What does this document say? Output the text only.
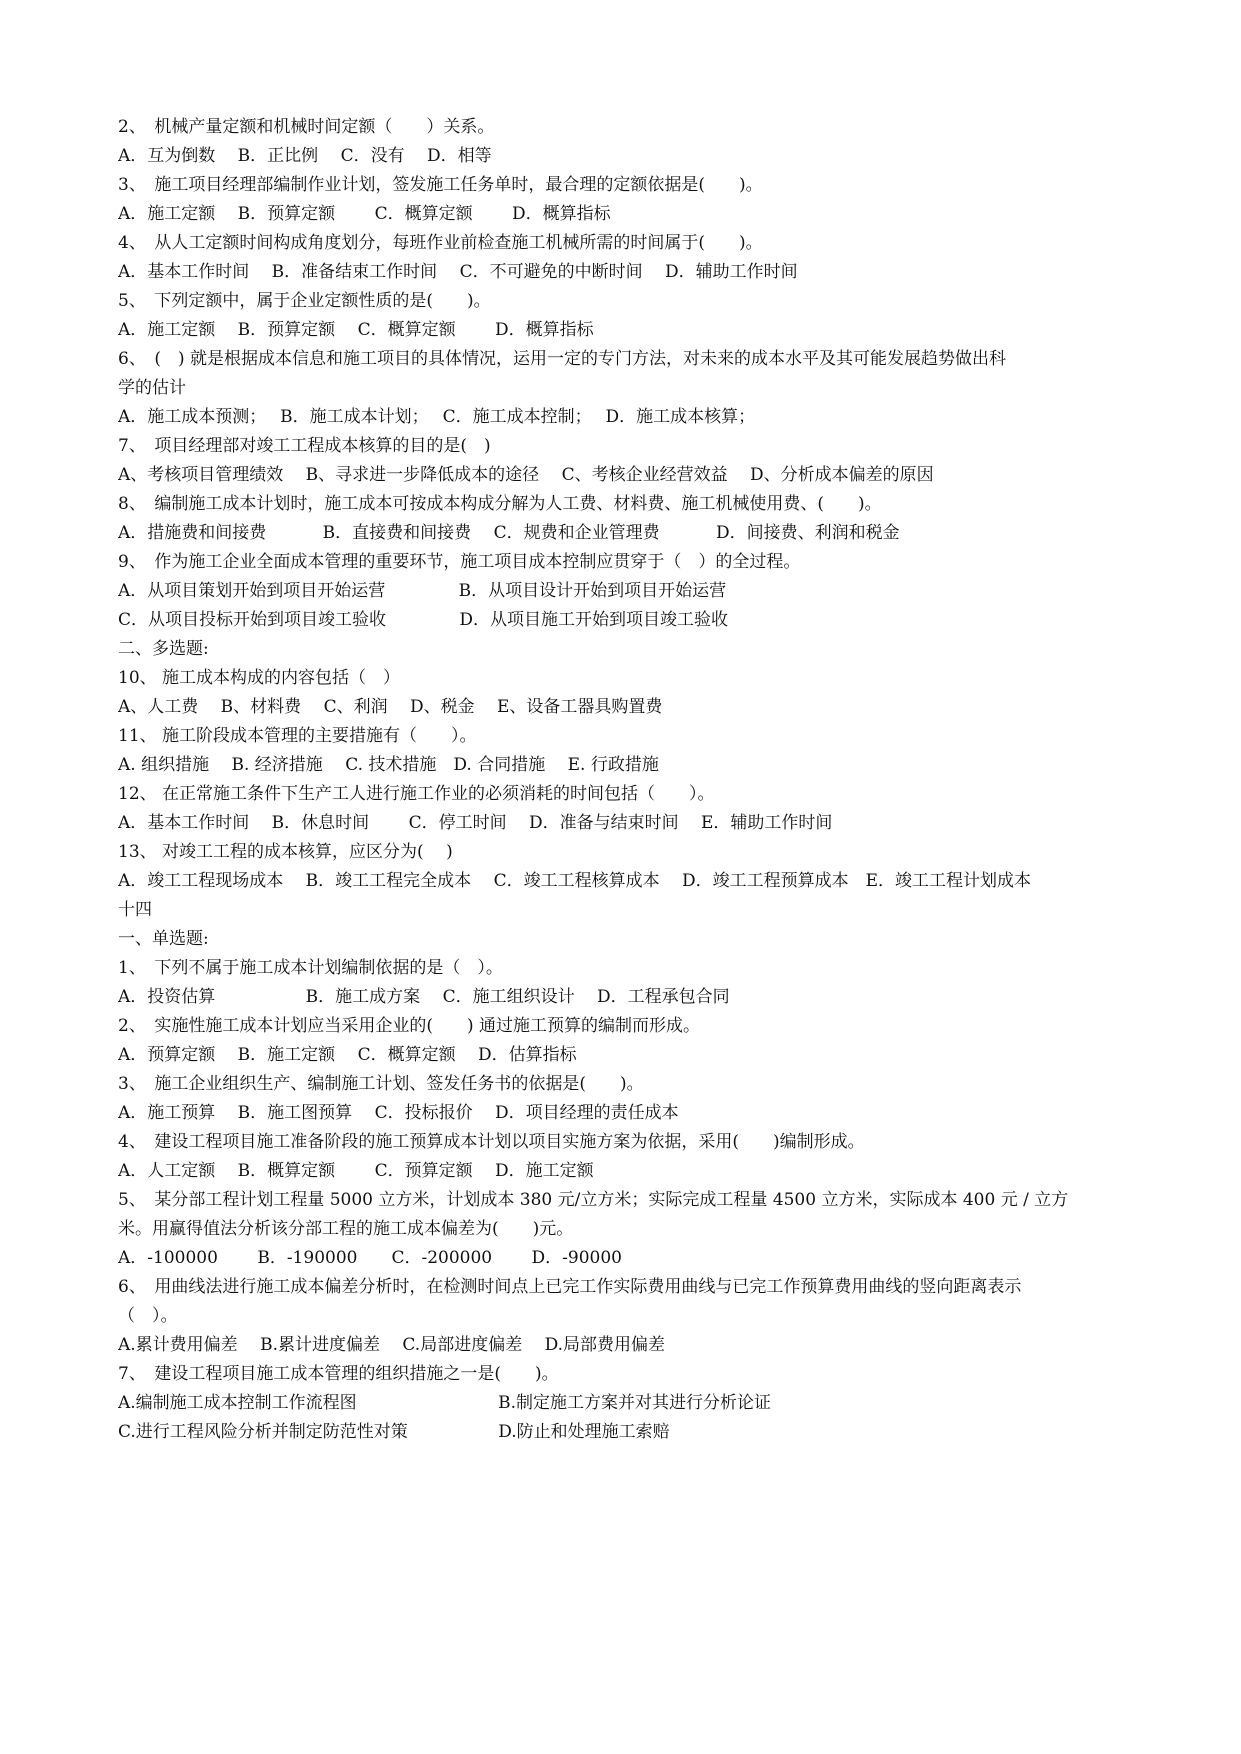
2、　机械产量定额和机械时间定额（　　）关系。
A．互为倒数　 B．正比例　 C．没有　 D．相等
3、　施工项目经理部编制作业计划，签发施工任务单时，最合理的定额依据是(　　)。
A．施工定额　 B．预算定额　　 C．概算定额　　 D．概算指标
4、　从人工定额时间构成角度划分，每班作业前检查施工机械所需的时间属于(　　)。
A．基本工作时间　 B．准备结束工作时间　 C．不可避免的中断时间　 D．辅助工作时间
5、　下列定额中，属于企业定额性质的是(　　)。
A．施工定额　 B．预算定额　 C．概算定额　　 D．概算指标
6、　(　) 就是根据成本信息和施工项目的具体情况，运用一定的专门方法，对未来的成本水平及其可能发展趋势做出科
学的估计
A．施工成本预测；　 B．施工成本计划；　 C．施工成本控制；　 D．施工成本核算；
7、　项目经理部对竣工工程成本核算的目的是(　)
A、考核项目管理绩效　 B、寻求进一步降低成本的途径　 C、考核企业经营效益　 D、分析成本偏差的原因
8、　编制施工成本计划时，施工成本可按成本构成分解为人工费、材料费、施工机械使用费、(　　)。
A．措施费和间接费　　　 B．直接费和间接费　 C．规费和企业管理费　　　 D．间接费、利润和税金
9、　作为施工企业全面成本管理的重要环节，施工项目成本控制应贯穿于（　）的全过程。
A．从项目策划开始到项目开始运营　　　　 B．从项目设计开始到项目开始运营
C．从项目投标开始到项目竣工验收　　　　 D．从项目施工开始到项目竣工验收
二、多选题:
10、 施工成本构成的内容包括（　）
A、人工费　 B、材料费　 C、利润　 D、税金　 E、设备工器具购置费
11、 施工阶段成本管理的主要措施有（　　）。
A. 组织措施　 B. 经济措施　 C. 技术措施　D. 合同措施　 E. 行政措施
12、 在正常施工条件下生产工人进行施工作业的必须消耗的时间包括（　　）。
A．基本工作时间　 B．休息时间　　 C．停工时间　 D．准备与结束时间　 E．辅助工作时间
13、 对竣工工程的成本核算，应区分为(　 )
A．竣工工程现场成本　 B．竣工工程完全成本　 C．竣工工程核算成本　 D．竣工工程预算成本　E．竣工工程计划成本
十四
一、单选题:
1、　下列不属于施工成本计划编制依据的是（　）。
A．投资估算　　　　　 B．施工成方案　 C．施工组织设计　 D．工程承包合同
2、　实施性施工成本计划应当采用企业的(　　) 通过施工预算的编制而形成。
A．预算定额　 B．施工定额　 C．概算定额　 D．估算指标
3、　施工企业组织生产、编制施工计划、签发任务书的依据是(　　)。
A．施工预算　 B．施工图预算　 C．投标报价　 D．项目经理的责任成本
4、　建设工程项目施工准备阶段的施工预算成本计划以项目实施方案为依据，采用(　　)编制形成。
A．人工定额　 B．概算定额　　 C．预算定额　 D．施工定额
5、　某分部工程计划工程量 5000 立方米，计划成本 380 元/立方米；实际完成工程量 4500 立方米，实际成本 400 元 / 立方
米。用赢得值法分析该分部工程的施工成本偏差为(　　)元。
A．-100000　　 B．-190000　　C．-200000　　 D．-90000
6、　用曲线法进行施工成本偏差分析时，在检测时间点上已完工作实际费用曲线与已完工作预算费用曲线的竖向距离表示
（　）。
A.累计费用偏差　 B.累计进度偏差　 C.局部进度偏差　 D.局部费用偏差
7、　建设工程项目施工成本管理的组织措施之一是(　　)。
A.编制施工成本控制工作流程图　　　　　　　　 B.制定施工方案并对其进行分析论证
C.进行工程风险分析并制定防范性对策　　　　　 D.防止和处理施工索赔
